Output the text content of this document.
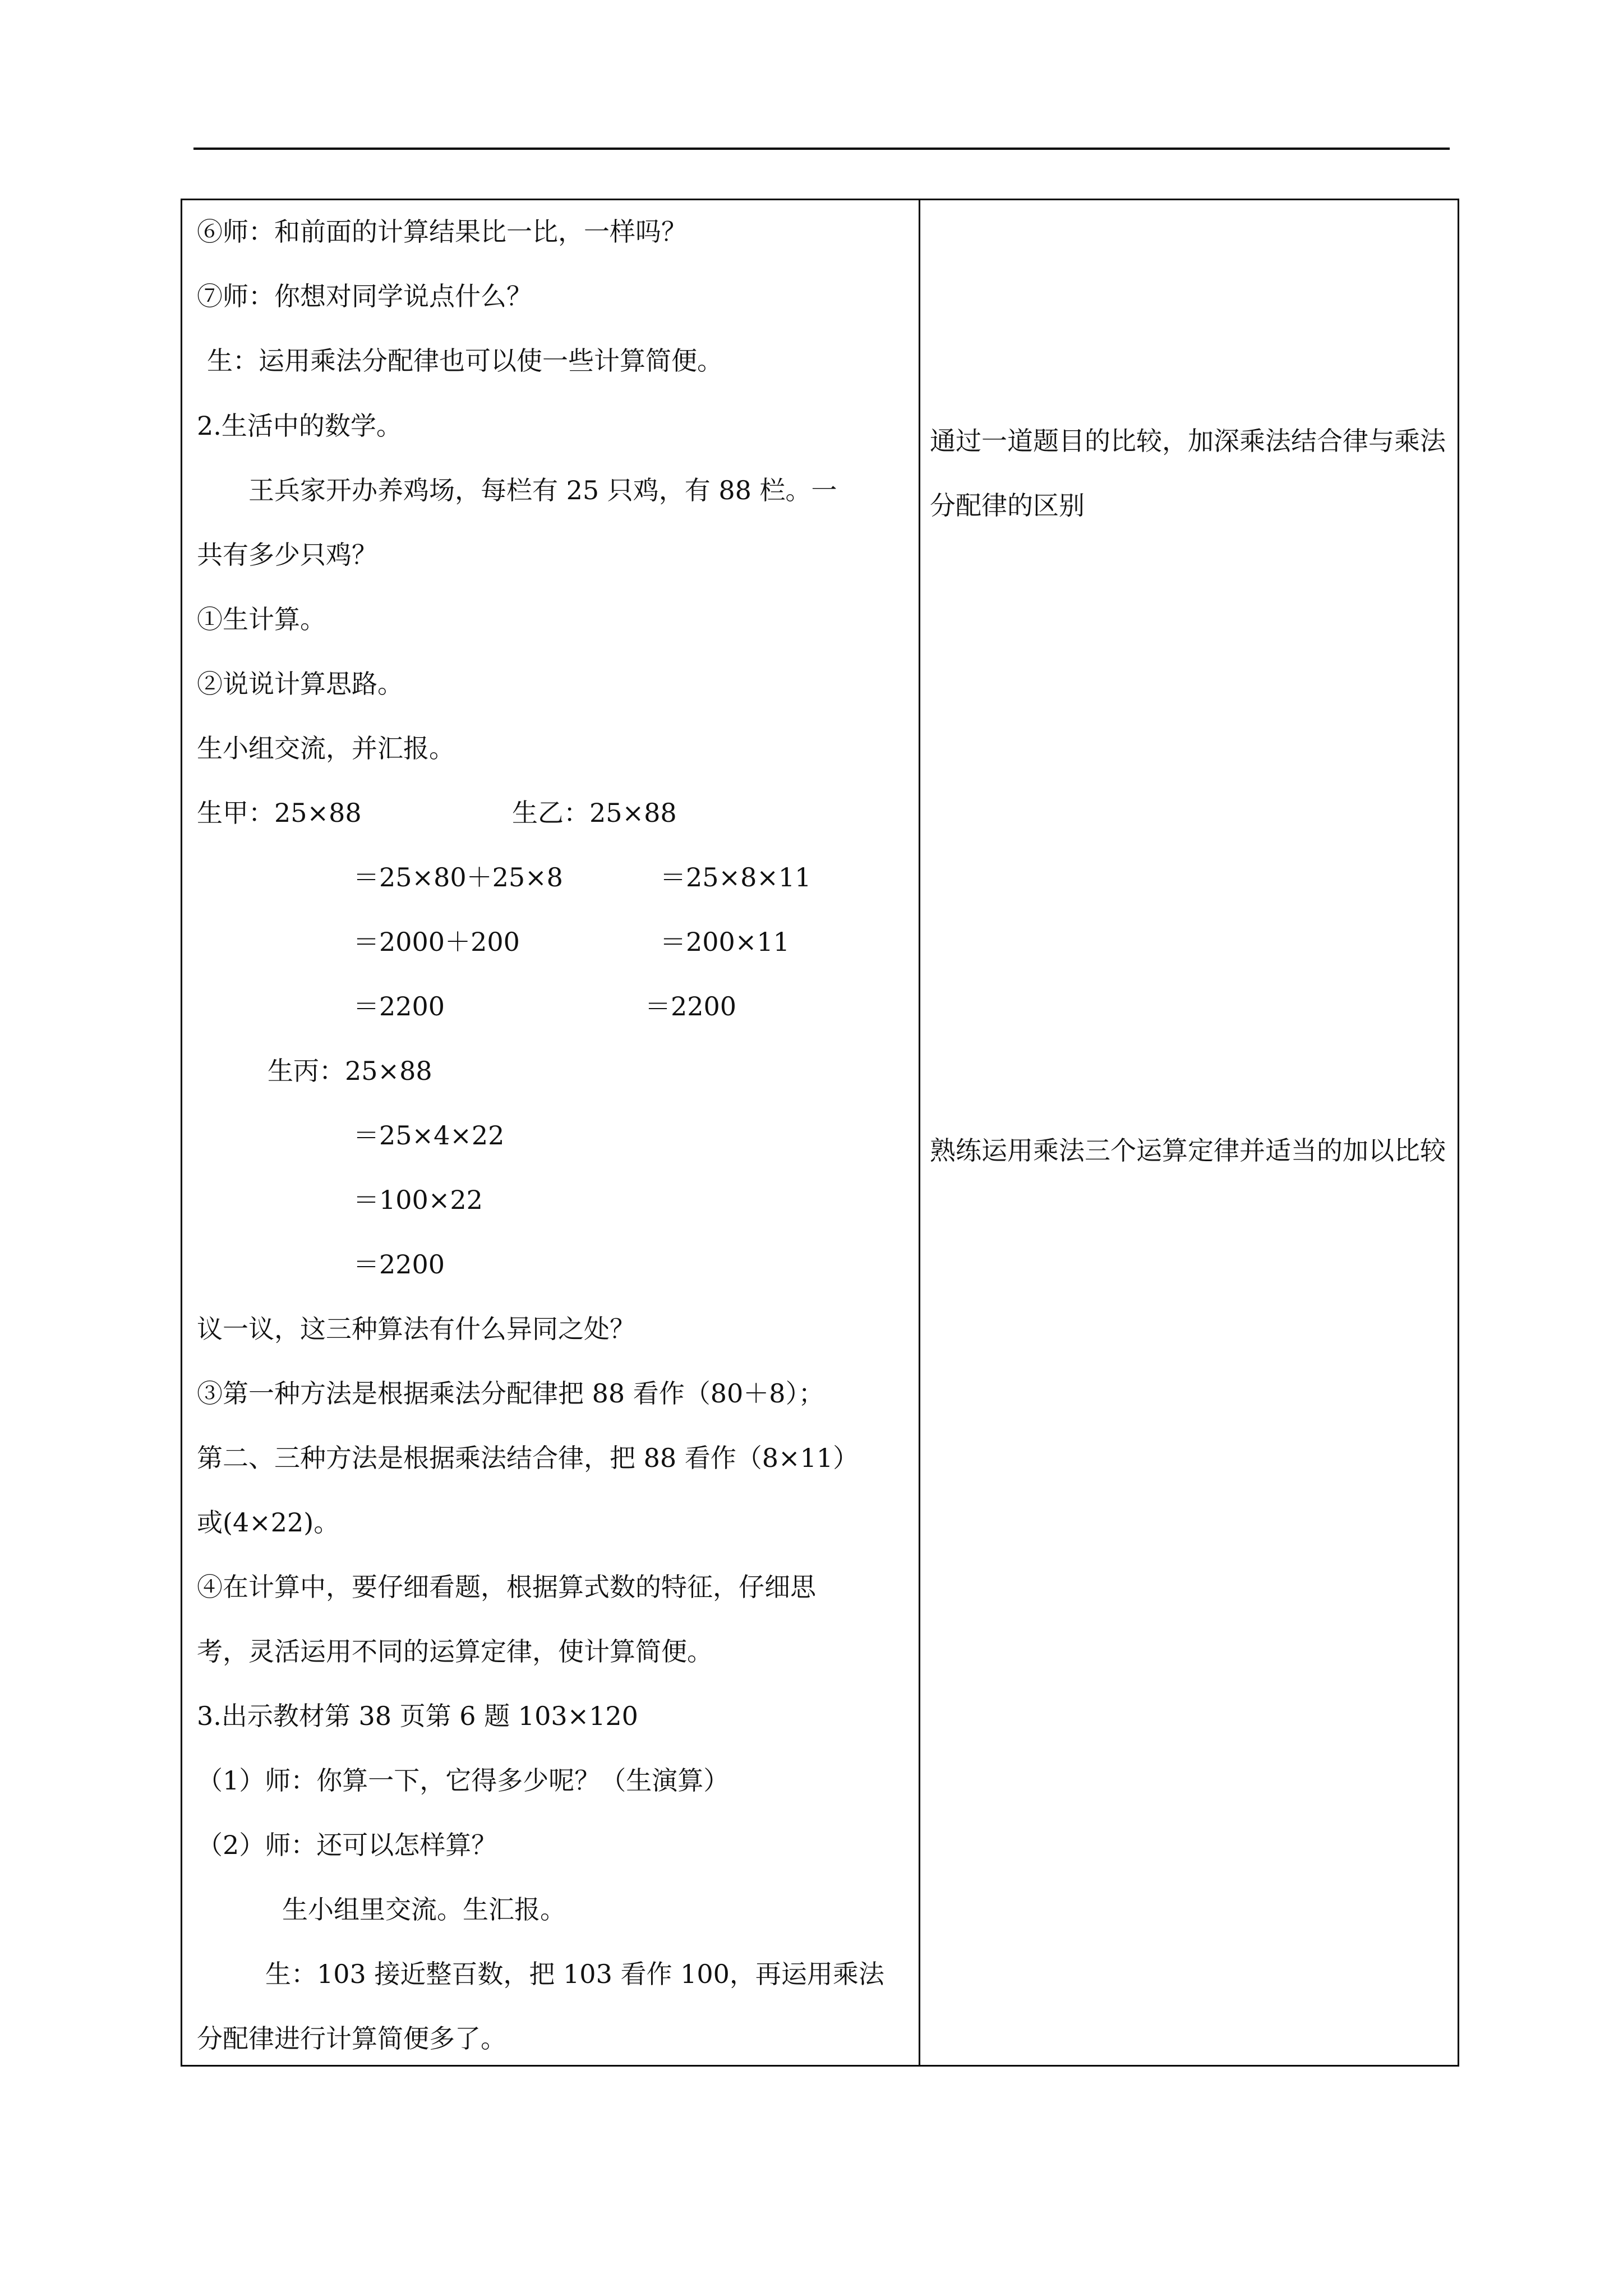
⑥师：和前面的计算结果比一比，一样吗？
⑦师：你想对同学说点什么？
生：运用乘法分配律也可以使一些计算简便。
2.生活中的数学。
王兵家开办养鸡场，每栏有 25 只鸡，有 88 栏。一
共有多少只鸡？
①生计算。
②说说计算思路。
生小组交流，并汇报。
生甲：25×88	生乙：25×88
＝25×80＋25×8	＝25×8×11
＝2000＋200	＝200×11
＝2200	＝2200
生丙：25×88
＝25×4×22
＝100×22
＝2200
议一议，这三种算法有什么异同之处？
③第一种方法是根据乘法分配律把 88 看作（80＋8）；
第二、三种方法是根据乘法结合律，把 88 看作（8×11）
或(4×22)。
④在计算中，要仔细看题，根据算式数的特征，仔细思
考，灵活运用不同的运算定律，使计算简便。
3.出示教材第 38 页第 6 题 103×120
（1）师：你算一下，它得多少呢？（生演算）
（2）师：还可以怎样算？
生小组里交流。生汇报。
生：103 接近整百数，把 103 看作 100，再运用乘法
分配律进行计算简便多了。
通过一道题目的比较，加深乘法结合律与乘法分配律的区别
熟练运用乘法三个运算定律并适当的加以比较
